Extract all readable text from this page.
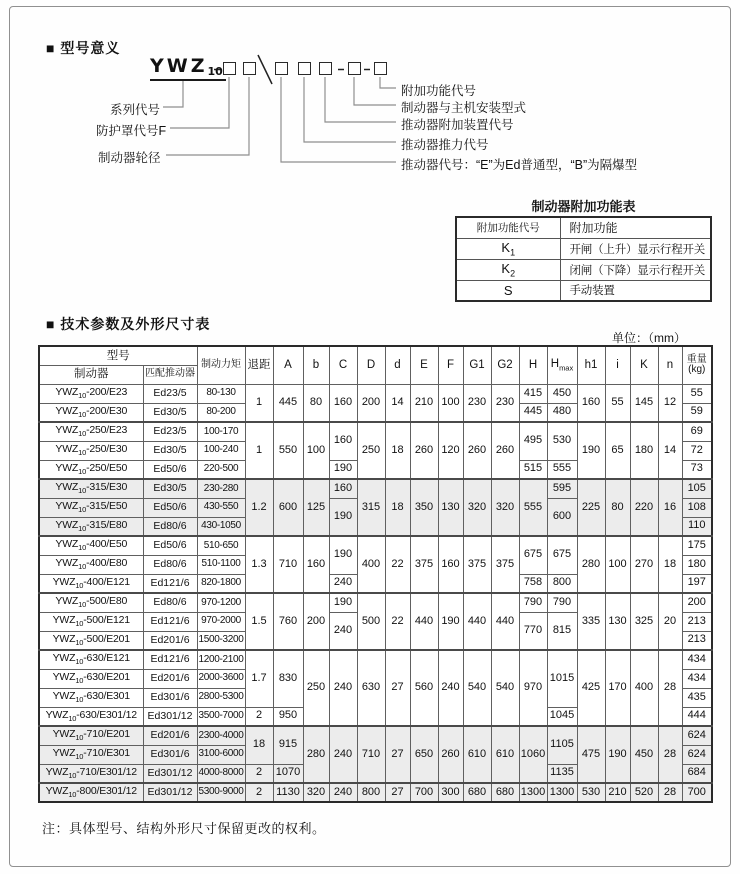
■ 型号意义
$YWZ_{10}$
系列代号
防护罩代号F
制动器轮径
附加功能代号
制动器与主机安装型式
推动器附加装置代号
推动器推力代号
推动器代号：“E”为Ed普通型，“B”为隔爆型
制动器附加功能表
附加功能代号	附加功能
$K_1$	开闸（上升）显示行程开关
$K_2$	闭闸（下降）显示行程开关
S	手动装置
■ 技术参数及外形尺寸表
单位：（mm）
型号		制动力矩	退距	A	b	C	D	d	E	F	G1	G2	H	$H_{max}$	h1	i	K	n	重量
(kg)
制动器	匹配推动器																		
$YWZ_{10}-200/E23$	Ed23/5	80-130	1	445	80	160	200	14	210	100	230	230	415	450	160	55	145	12	55
$YWZ_{10}-200/E30$	Ed30/5	80-200											445	480					59
$YWZ_{10}-250/E23$	Ed23/5	100-170	1	550	100	160	250	18	260	120	260	260	495	530	190	65	180	14	69
$YWZ_{10}-250/E30$	Ed30/5	100-240																	72
$YWZ_{10}-250/E50$	Ed50/6	220-500				190							515	555					73
$YWZ_{10}-315/E30$	Ed30/5	230-280	1.2	600	125	160	315	18	350	130	320	320	555	595	225	80	220	16	105
$YWZ_{10}-315/E50$	Ed50/6	430-550				190								600					108
$YWZ_{10}-315/E80$	Ed80/6	430-1050																	110
$YWZ_{10}-400/E50$	Ed50/6	510-650	1.3	710	160	190	400	22	375	160	375	375	675	675	280	100	270	18	175
$YWZ_{10}-400/E80$	Ed80/6	510-1100																	180
$YWZ_{10}-400/E121$	Ed121/6	820-1800				240							758	800					197
$YWZ_{10}-500/E80$	Ed80/6	970-1200	1.5	760	200	190	500	22	440	190	440	440	790	790	335	130	325	20	200
$YWZ_{10}-500/E121$	Ed121/6	970-2000				240							770	815					213
$YWZ_{10}-500/E201$	Ed201/6	1500-3200																	213
$YWZ_{10}-630/E121$	Ed121/6	1200-2100	1.7	830	250	240	630	27	560	240	540	540	970	1015	425	170	400	28	434
$YWZ_{10}-630/E201$	Ed201/6	2000-3600																	434
$YWZ_{10}-630/E301$	Ed301/6	2800-5300																	435
$YWZ_{10}-630/E301/12$	Ed301/12	3500-7000	2	950										1045					444
$YWZ_{10}-710/E201$	Ed201/6	2300-4000	18	915	280	240	710	27	650	260	610	610	1060	1105	475	190	450	28	624
$YWZ_{10}-710/E301$	Ed301/6	3100-6000																	624
$YWZ_{10}-710/E301/12$	Ed301/12	4000-8000	2	1070										1135					684
$YWZ_{10}-800/E301/12$	Ed301/12	5300-9000	2	1130	320	240	800	27	700	300	680	680	1300	1300	530	210	520	28	700
注：具体型号、结构外形尺寸保留更改的权利。
